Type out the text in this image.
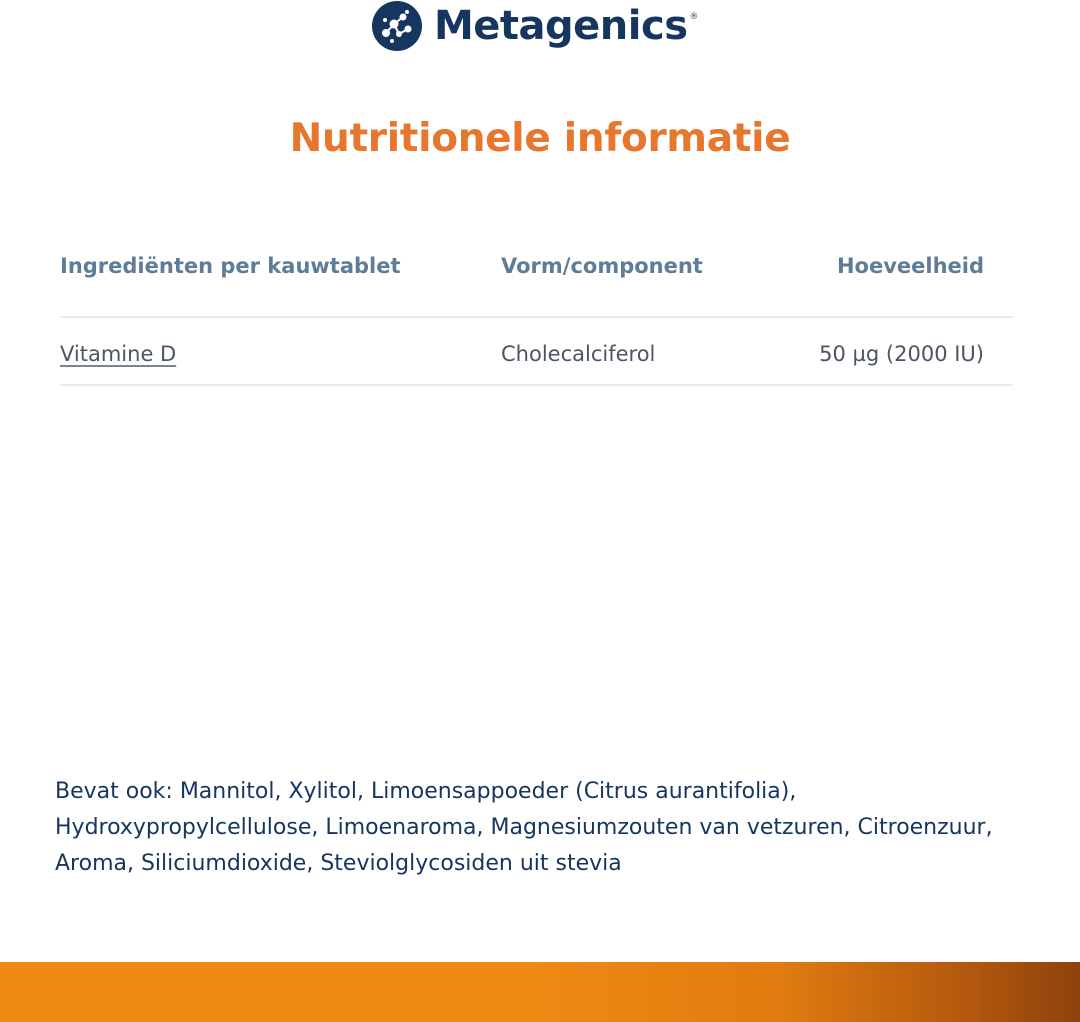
Metagenics ®
Nutritionele informatie
Ingrediënten per kauwtablet	Vorm/component	Hoeveelheid
Vitamine D	Cholecalciferol	50 µg (2000 IU)

Bevat ook: Mannitol, Xylitol, Limoensappoeder (Citrus aurantifolia), Hydroxypropylcellulose, Limoenaroma, Magnesiumzouten van vetzuren, Citroenzuur, Aroma, Siliciumdioxide, Steviolglycosiden uit stevia
